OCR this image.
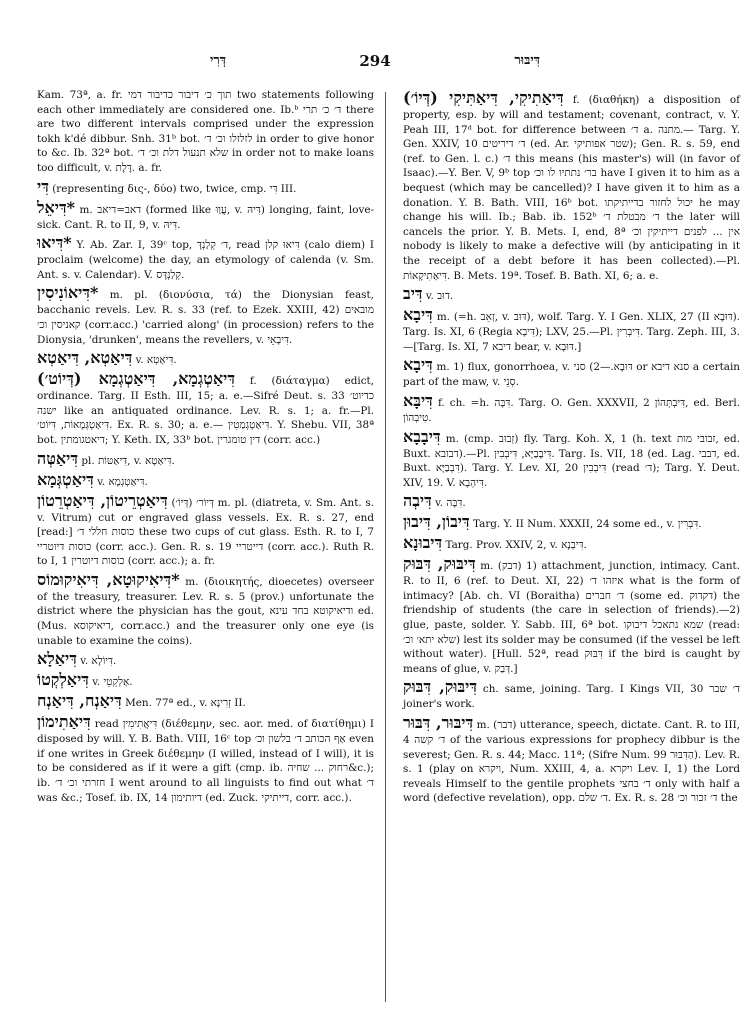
דְּרִי	294	דִּיבּוּר
Kam. 73ª, a. fr. תוך כ׳ דיבור כדיבור דמי two statements following each other immediately are considered one. Ib.ᵇ ד׳ כ׳ תרי there are two different intervals comprised under the expression tokh k'dé dibbur. Snh. 31ᵇ bot. לזלזלו וכ׳ ד׳ in order to give honor to &c. Ib. 32ª bot. שלא תנעול דלת וכ׳ ד׳ in order not to make loans too difficult, v. דֶּלֶת. a. fr.
דִּי (representing δις-, δύο) two, twice, cmp. דִּי III.
*דִּיאֵל m. דאב=דיאב (formed like עֲוַוּ, v. דִּיהּ) longing, faint, love-sick. Cant. R. to II, 9, v. דִּיהּ.
*דִּיאוּ Y. Ab. Zar. I, 39ᶜ top, ד׳ קְלַנְדָּ, read דִּיאוּ קלן (calo diem) I proclaim (welcome) the day, an etymology of calenda (v. Sm. Ant. s. v. Calendar). V. קְלַנְדָּס.
*דִּיאוֹנִיסִין m. pl. (διονύσια, τά) the Dionysian feast, bacchanic revels. Lev. R. s. 33 (ref. to Ezek. XXIII, 42) מובאים קאניסין וכ׳ (corr.acc.) 'carried along' (in procession) refers to the Dionysia, 'drunken', means the revellers, v. דִּיבָאֵי.
דִּיאַטְא, דִּיאַטְא v. דִּיאַטְא.
דִּיאַטְגְמָא, דִּיאַטְגְמָא (דְּיוֹט׳) f. (διάταγμα) edict, ordinance. Targ. II Esth. III, 15; a. e.—Sifré Deut. s. 33 כדיוט׳ ישנה like an antiquated ordinance. Lev. R. s. 1; a. fr.—Pl. דִּיאַטְגְּמָאוֹת, דִּיוֹט׳. Ex. R. s. 30; a. e.— דִּיאַטְגְמַטִין. Y. Shebu. VII, 38ª bot. דיאטגומתין; Y. Keth. IX, 33ᵇ bot. דין טומגרין (corr. acc.)
דִּיאַטְּה pl. דִּיאַטּוֹת, v. דִּיאַטָא.
דִּיאַטְגְּמָא v. דִּיאַטְגְמָא.
דִּיאַטְרֵיטוֹן, דִּיאַטְרֵטוֹן (דְּיוֹ׳) דְּיוֹר׳ m. pl. (diatreta, v. Sm. Ant. s. v. Vitrum) cut or engraved glass vessels. Ex. R. s. 27, end [read:] כוסות חללי ד׳ these two cups of cut glass. Esth. R. to I, 7 כוסות דיוטריי (corr. acc.). Gen. R. s. 19 דייטריי (corr. acc.). Ruth R. to I, 1 כוסות דיוטרין (corr. acc.); a. fr.
*דִּיאִיקוּטָא, דִּיאִיקוּמוֹס m. (διοικητής, dioecetes) overseer of the treasury, treasurer. Lev. R. s. 5 (prov.) unfortunate the district where the physician has the gout, ודיאיקוטא בחד עינא ed. (Mus. דיאיקוסא, corr.acc.) and the treasurer only one eye (is unable to examine the coins).
דִּיאַלָא v. דִּיוֹלָא.
דִּיאַלְקְטוֹ v. אַלְקְטֵי.
דִּיאַנְח, דִּיאַנְח Men. 77ª ed., v. זְרִינָא II.
דִּיאַתִימוֹן read דִּיאֲתִימִין (διέθεμην, sec. aor. med. of διατίθημι) I disposed by will. Y. B. Bath. VIII, 16ᶜ top אַף הכותב ד׳ בלשון וכ׳ even if one writes in Greek διέθεμην (I willed, instead of I will), it is to be considered as if it were a gift (cmp. ib. רחוק ... שחיה&c.); ib. חזרתי וכ׳ ד׳ I went around to all linguists to find out what ד׳ was &c.; Tosef. ib. IX, 14 דיותימון (ed. Zuck. דייתיקי, corr. acc.).
דִּיאַתִיקִי, דִּיאַתִּיקִי (דְּיוֹ׳) f. (διαθήκη) a disposition of property, esp. by will and testament; covenant, contract, v. Y. Peah III, 17ᵈ bot. for difference between ד׳ a. מתנה.— Targ. Y. Gen. XXIV, 10 ד׳ דיריטים (ed. Ar. שטר אפותיקי); Gen. R. s. 59, end (ref. to Gen. l. c.) ד׳ this means (his master's) will (in favor of Isaac).—Y. Ber. V, 9ᵇ top בר׳ נתתיו לו וכ׳ have I given it to him as a bequest (which may be cancelled)? I have given it to him as a donation. Y. B. Bath. VIII, 16ᵇ bot. יכול לחזור בדייתיקתו he may change his will. Ib.; Bab. ib. 152ᵇ ד׳ מבטלת ד׳ the later will cancels the prior. Y. B. Mets. I, end, 8ª אין ... לפנים דייתיקין וכ׳ nobody is likely to make a defective will (by anticipating in it the receipt of a debt before it has been collected).—Pl. דִּיאַתִיקָאוֹת. B. Mets. 19ª. Tosef. B. Bath. XI, 6; a. e.
דִּיב v. דוּב.
דִּיבָא m. (=h. זְאֵב, v. דּוּב), wolf. Targ. Y. I Gen. XLIX, 27 (II דּוּבָא). Targ. Is. XI, 6 (Regia דִּיבָא); LXV, 25.—Pl. דִּיבְרִין. Targ. Zeph. III, 3.—[Targ. Is. XI, 7 דיבא bear, v. דּוּבָא.]
דִּיבָא m. 1) flux, gonorrhoea, v. דּוּבָא.—2) סני or סנא דיבא a certain part of the maw, v. סְנֵי.
דִּיבָּא f. ch. =h. דִּבָּה. Targ. O. Gen. XXXVII, 2 דִּיבְתְּהוֹן, ed. Berl. טִיבְהוֹן.
דִּיבָבָא m. (cmp. זְבוּב) fly. Targ. Koh. X, 1 (h. text זבובי מות, ed. Buxt. דבובא).—Pl. דִּיבָבַיָּא, דִּיבְבִין. Targ. Is. VII, 18 (ed. Lag. דבבי, ed. Buxt. דִּבְבַיָּא). Targ. Y. Lev. XI, 20 דִּיבְבִין (read ד׳); Targ. Y. Deut. XIV, 19. V. דִּיהְבָא.
דִּיבְה v. דִּבָּה.
דִּיבוֹן, דִּיבוּן Targ. Y. II Num. XXXII, 24 some ed., v. דִּבְרִין.
דִּיבוּנָא Targ. Prov. XXIV, 2, v. דִּיבְנָא.
דִּיבּוּק, דִּבּוּק m. (דבק) 1) attachment, junction, intimacy. Cant. R. to II, 6 (ref. to Deut. XI, 22) איזהו ד׳ what is the form of intimacy? [Ab. ch. VI (Boraitha) ד׳ חברים (some ed. דקדוק) the friendship of students (the care in selection of friends).—2) glue, paste, solder. Y. Sabb. III, 6ª bot. שמא נתאכל דיבוקו (read: שלא יתא׳ וכ׳) lest its solder may be consumed (if the vessel be left without water). [Hull. 52ª, read דִּבּוּק if the bird is caught by means of glue, v. דְּבַק.]
דִּיבּוּק, דִּבּוּק ch. same, joining. Targ. I Kings VII, 30 ד׳ שבר joiner's work.
דִּיבּוּר, דִּבּוּר m. (דבר) utterance, speech, dictate. Cant. R. to III, 4 ד׳ קשה of the various expressions for prophecy dibbur is the severest; Gen. R. s. 44; Macc. 11ª; (Sifre Num. 99 הַדִּבּוּר). Lev. R. s. 1 (play on ויקרא, Num. XXIII, 4, a. ויקרא Lev. I, 1) the Lord reveals Himself to the gentile prophets ד׳ בחצי only with half a word (defective revelation), opp. ד׳ שלם. Ex. R. s. 28 ד׳ זכור וכ׳ the
